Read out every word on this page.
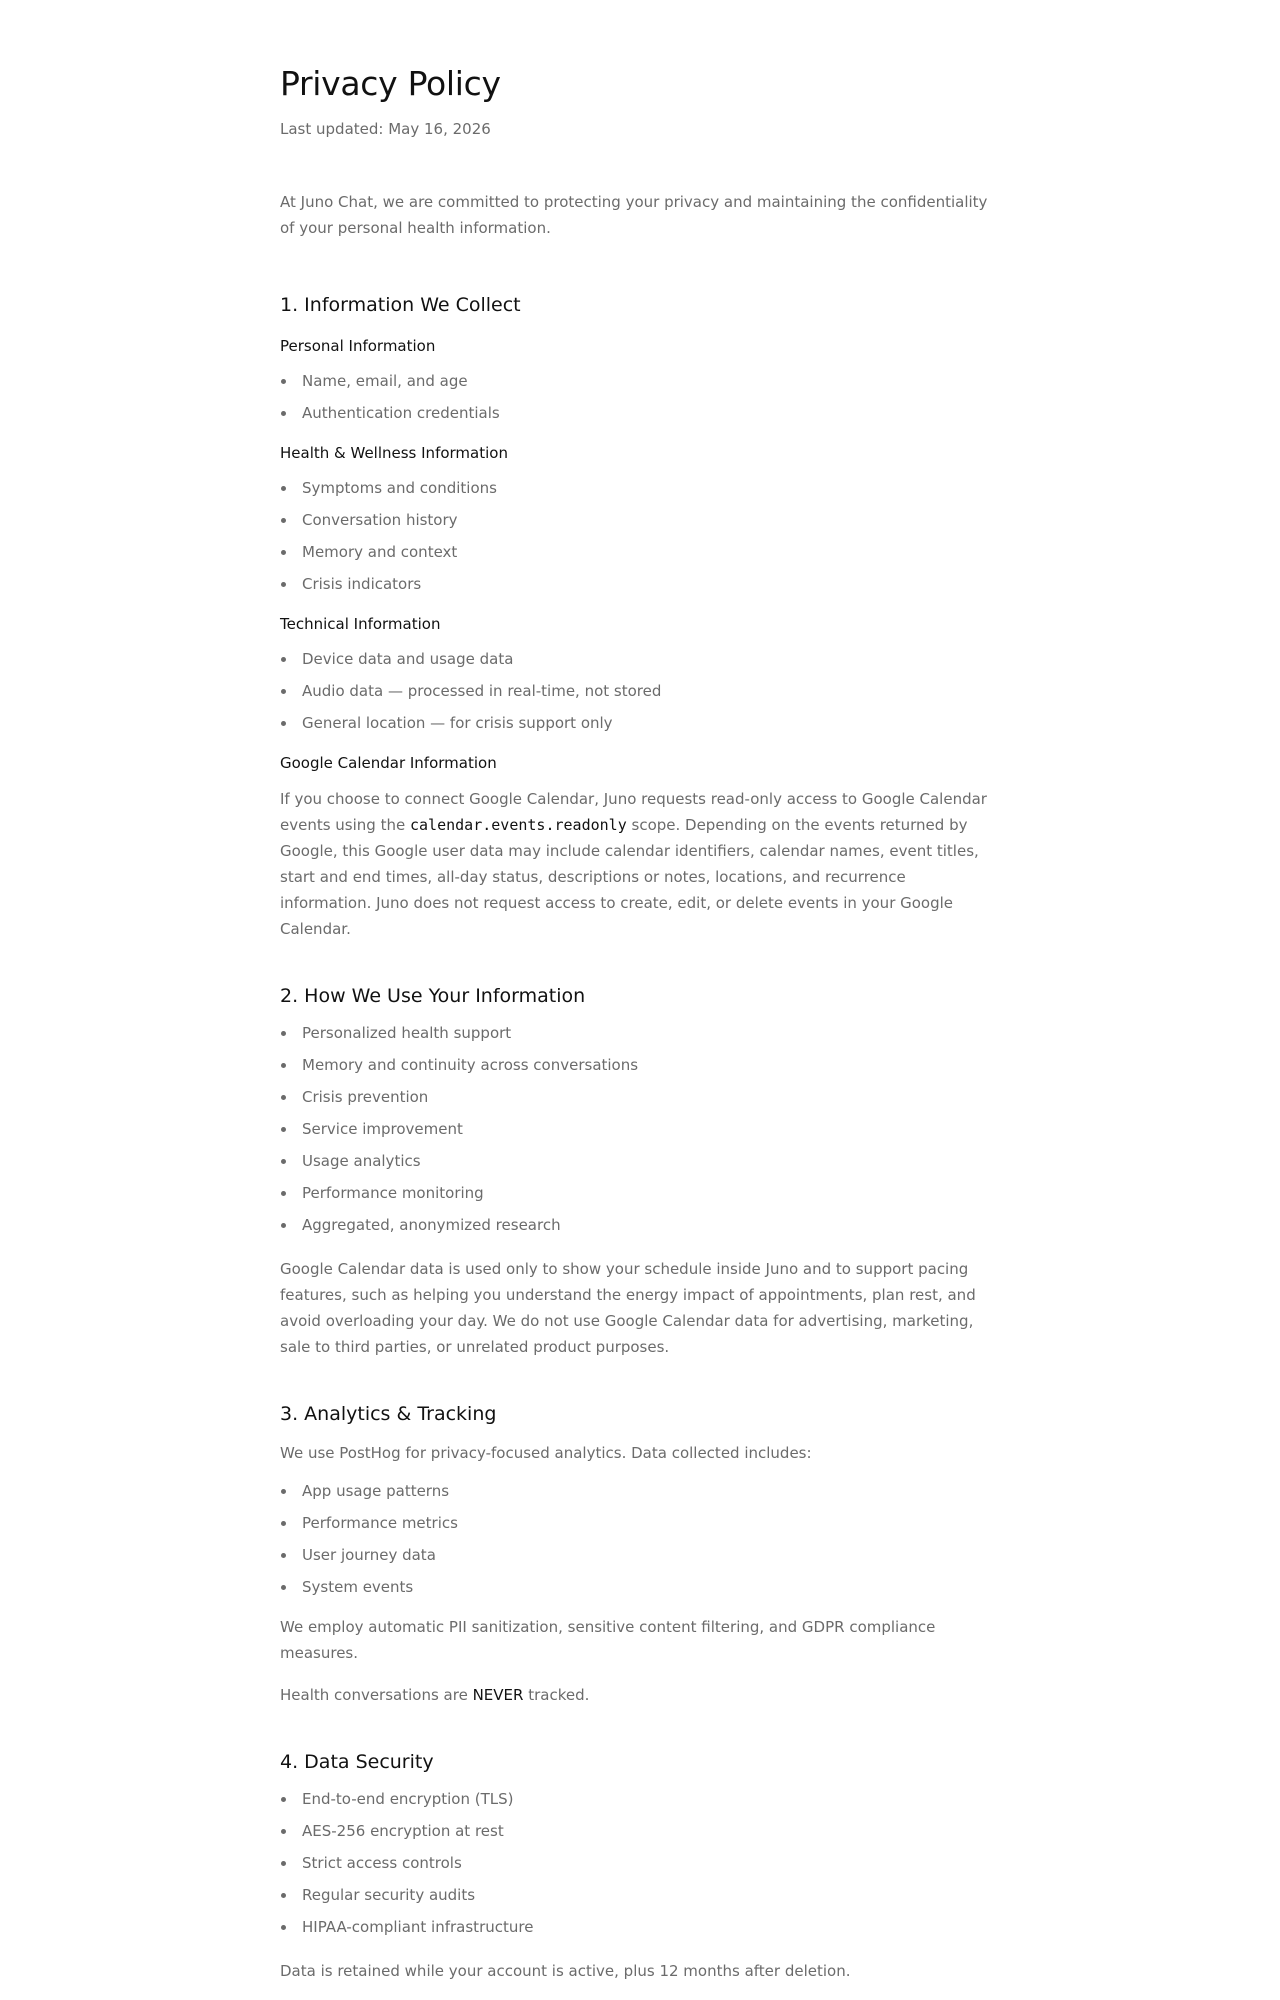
Privacy Policy
Last updated: May 16, 2026

At Juno Chat, we are committed to protecting your privacy and maintaining the confidentiality of your personal health information.

1. Information We Collect
Personal Information
Name, email, and age
Authentication credentials
Health & Wellness Information
Symptoms and conditions
Conversation history
Memory and context
Crisis indicators
Technical Information
Device data and usage data
Audio data — processed in real-time, not stored
General location — for crisis support only
Google Calendar Information

If you choose to connect Google Calendar, Juno requests read-only access to Google Calendar events using the calendar.events.readonly scope. Depending on the events returned by Google, this Google user data may include calendar identifiers, calendar names, event titles, start and end times, all-day status, descriptions or notes, locations, and recurrence information. Juno does not request access to create, edit, or delete events in your Google Calendar.

2. How We Use Your Information
Personalized health support
Memory and continuity across conversations
Crisis prevention
Service improvement
Usage analytics
Performance monitoring
Aggregated, anonymized research

Google Calendar data is used only to show your schedule inside Juno and to support pacing features, such as helping you understand the energy impact of appointments, plan rest, and avoid overloading your day. We do not use Google Calendar data for advertising, marketing, sale to third parties, or unrelated product purposes.

3. Analytics & Tracking

We use PostHog for privacy-focused analytics. Data collected includes:

App usage patterns
Performance metrics
User journey data
System events

We employ automatic PII sanitization, sensitive content filtering, and GDPR compliance measures.

Health conversations are NEVER tracked.

4. Data Security
End-to-end encryption (TLS)
AES-256 encryption at rest
Strict access controls
Regular security audits
HIPAA-compliant infrastructure

Data is retained while your account is active, plus 12 months after deletion.
